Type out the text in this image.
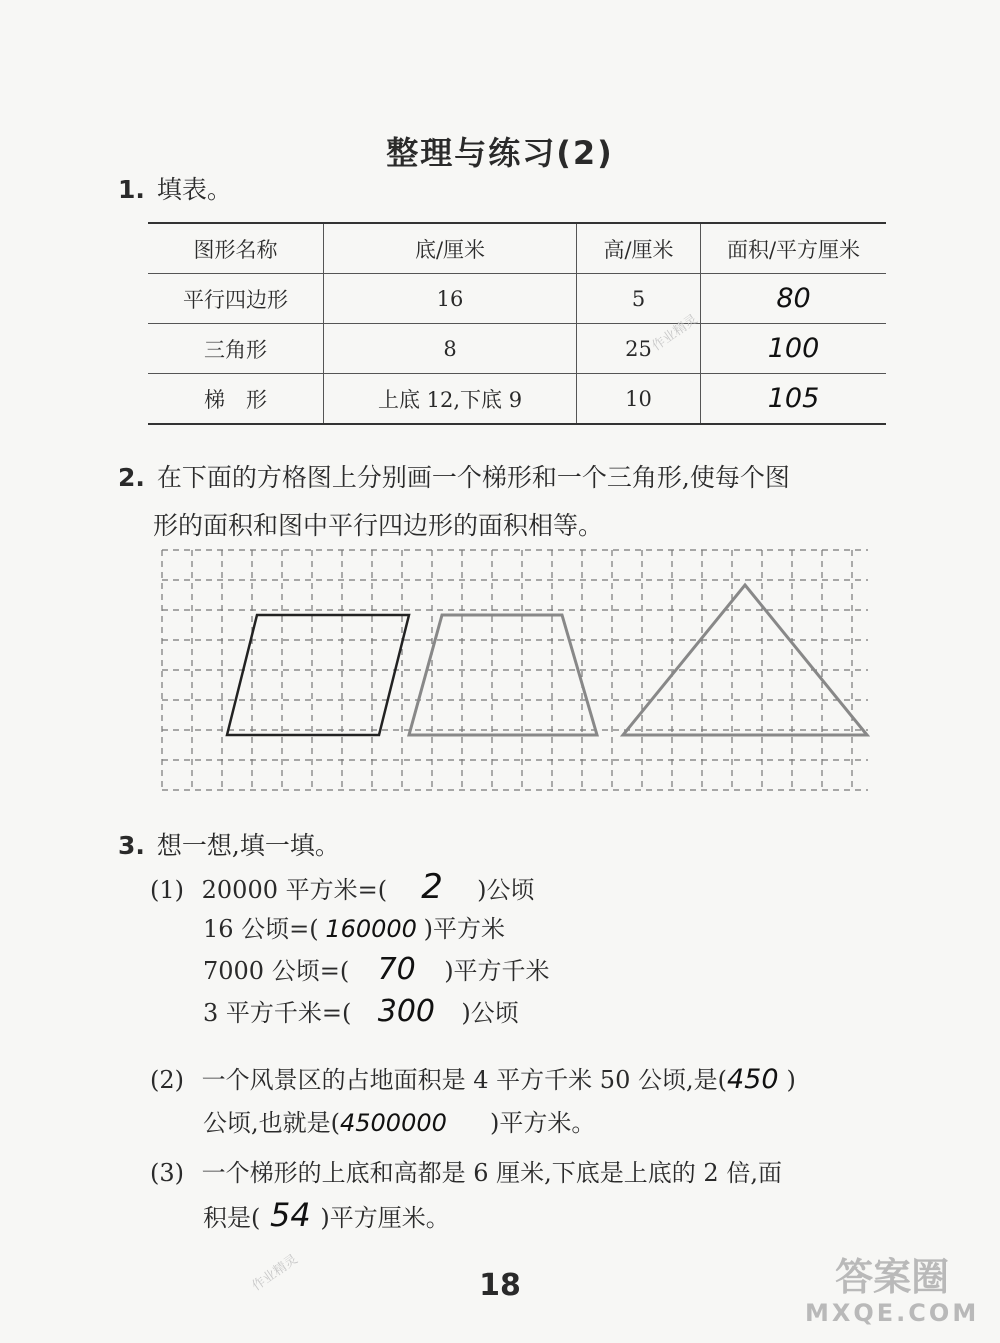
整理与练习(2)
1. 填表。
图形名称	底/厘米	高/厘米	面积/平方厘米
平行四边形	16	5	80
三角形	8	25	100
梯　形	上底 12,下底 9	10	105
作业精灵
2. 在下面的方格图上分别画一个梯形和一个三角形,使每个图
形的面积和图中平行四边形的面积相等。
3. 想一想,填一填。
(1) 20000 平方米=( 2 )公顷
16 公顷=( 160000 )平方米
7000 公顷=( 70 )平方千米
3 平方千米=( 300 )公顷
(2) 一个风景区的占地面积是 4 平方千米 50 公顷,是(450 )
公顷,也就是(4500000 )平方米。
(3) 一个梯形的上底和高都是 6 厘米,下底是上底的 2 倍,面
积是( 54 )平方厘米。
作业精灵	18	答案圈
MXQE.COM
